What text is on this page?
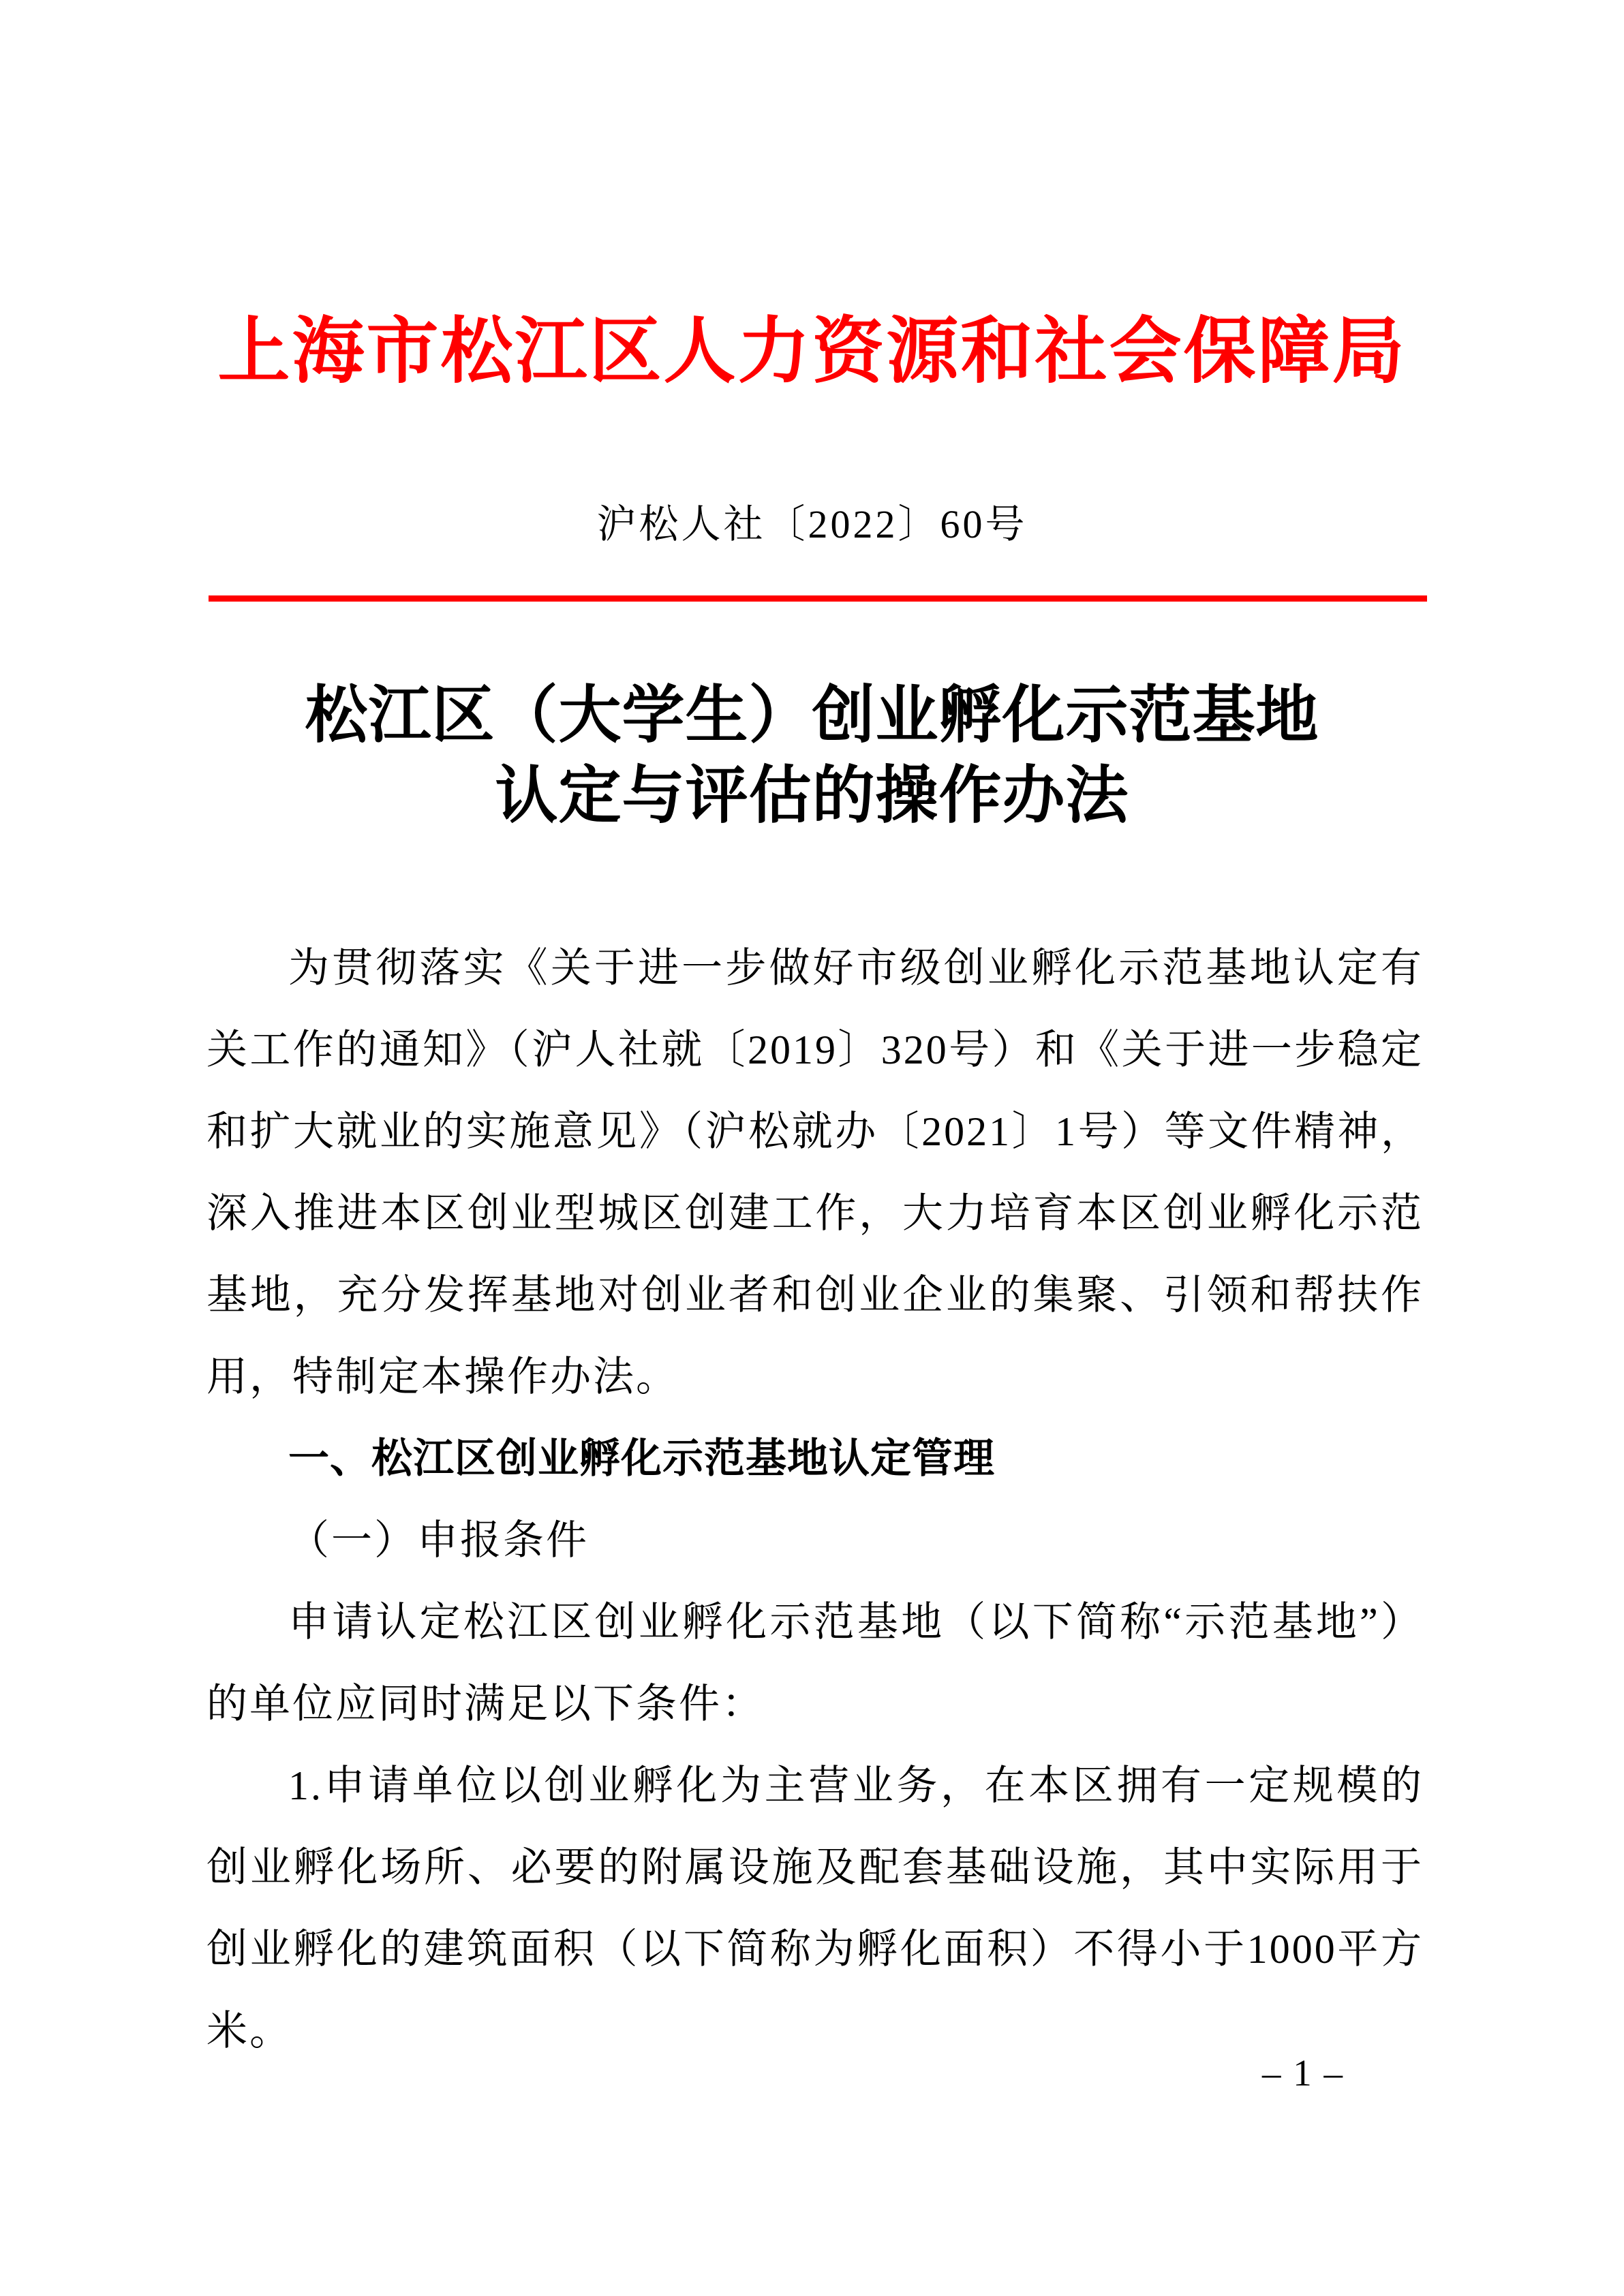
上海市松江区人力资源和社会保障局
沪松人社〔2022〕60号
松江区（大学生）创业孵化示范基地
认定与评估的操作办法

为贯彻落实《关于进一步做好市级创业孵化示范基地认定有关工作的通知》（沪人社就〔2019〕320号）和《关于进一步稳定和扩大就业的实施意见》（沪松就办〔2021〕1号）等文件精神，深入推进本区创业型城区创建工作，大力培育本区创业孵化示范基地，充分发挥基地对创业者和创业企业的集聚、引领和帮扶作用，特制定本操作办法。

一、松江区创业孵化示范基地认定管理

（一）申报条件

申请认定松江区创业孵化示范基地（以下简称“示范基地”）的单位应同时满足以下条件：

1.申请单位以创业孵化为主营业务，在本区拥有一定规模的创业孵化场所、必要的附属设施及配套基础设施，其中实际用于创业孵化的建筑面积（以下简称为孵化面积）不得小于1000平方米。

– 1 –
